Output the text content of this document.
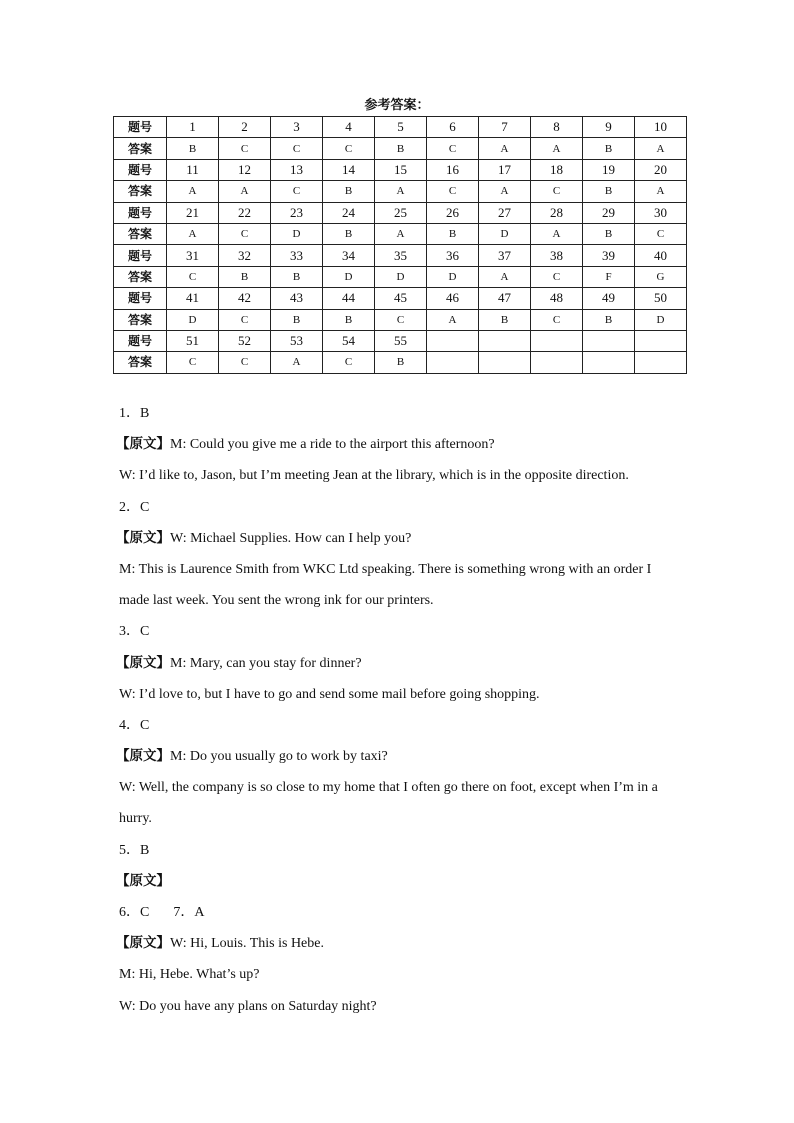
参考答案：
题号	1	2	3	4	5	6	7	8	9	10
答案	B	C	C	C	B	C	A	A	B	A
题号	11	12	13	14	15	16	17	18	19	20
答案	A	A	C	B	A	C	A	C	B	A
题号	21	22	23	24	25	26	27	28	29	30
答案	A	C	D	B	A	B	D	A	B	C
题号	31	32	33	34	35	36	37	38	39	40
答案	C	B	B	D	D	D	A	C	F	G
题号	41	42	43	44	45	46	47	48	49	50
答案	D	C	B	B	C	A	B	C	B	D
题号	51	52	53	54	55					
答案	C	C	A	C	B					
1．B
【原文】M: Could you give me a ride to the airport this afternoon?
W: I’d like to, Jason, but I’m meeting Jean at the library, which is in the opposite direction.
2．C
【原文】W: Michael Supplies. How can I help you?
M: This is Laurence Smith from WKC Ltd speaking. There is something wrong with an order I
made last week. You sent the wrong ink for our printers.
3．C
【原文】M: Mary, can you stay for dinner?
W: I’d love to, but I have to go and send some mail before going shopping.
4．C
【原文】M: Do you usually go to work by taxi?
W: Well, the company is so close to my home that I often go there on foot, except when I’m in a
hurry.
5．B
【原文】
6．C 7．A
【原文】W: Hi, Louis. This is Hebe.
M: Hi, Hebe. What’s up?
W: Do you have any plans on Saturday night?
